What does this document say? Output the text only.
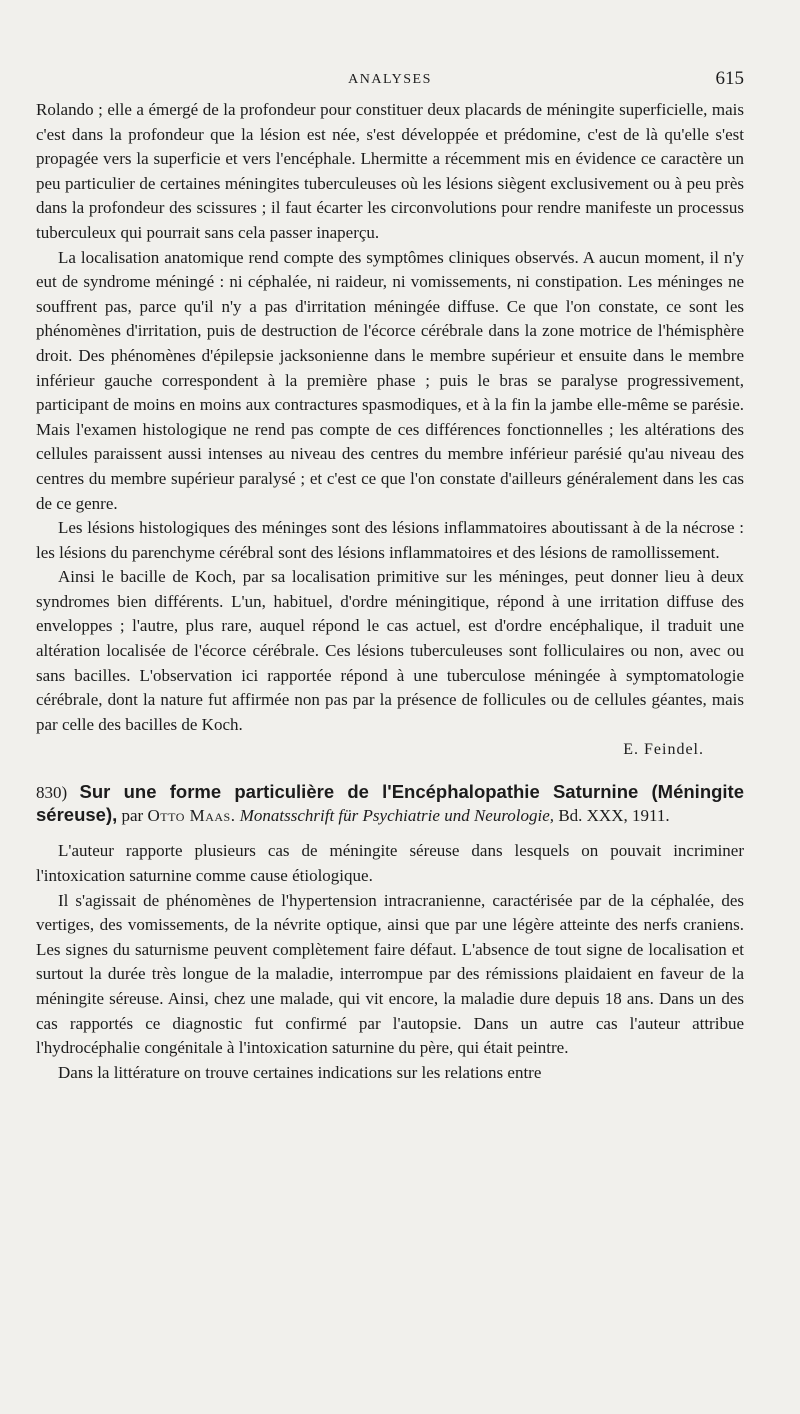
ANALYSES	615

Rolando ; elle a émergé de la profondeur pour constituer deux placards de méningite superficielle, mais c'est dans la profondeur que la lésion est née, s'est développée et prédomine, c'est de là qu'elle s'est propagée vers la superficie et vers l'encéphale. Lhermitte a récemment mis en évidence ce caractère un peu particulier de certaines méningites tuberculeuses où les lésions siègent exclusivement ou à peu près dans la profondeur des scissures ; il faut écarter les circonvolutions pour rendre manifeste un processus tuberculeux qui pourrait sans cela passer inaperçu.

La localisation anatomique rend compte des symptômes cliniques observés. A aucun moment, il n'y eut de syndrome méningé : ni céphalée, ni raideur, ni vomissements, ni constipation. Les méninges ne souffrent pas, parce qu'il n'y a pas d'irritation méningée diffuse. Ce que l'on constate, ce sont les phénomènes d'irritation, puis de destruction de l'écorce cérébrale dans la zone motrice de l'hémisphère droit. Des phénomènes d'épilepsie jacksonienne dans le membre supérieur et ensuite dans le membre inférieur gauche correspondent à la première phase ; puis le bras se paralyse progressivement, participant de moins en moins aux contractures spasmodiques, et à la fin la jambe elle-même se parésie. Mais l'examen histologique ne rend pas compte de ces différences fonctionnelles ; les altérations des cellules paraissent aussi intenses au niveau des centres du membre inférieur parésié qu'au niveau des centres du membre supérieur paralysé ; et c'est ce que l'on constate d'ailleurs généralement dans les cas de ce genre.

Les lésions histologiques des méninges sont des lésions inflammatoires aboutissant à de la nécrose : les lésions du parenchyme cérébral sont des lésions inflammatoires et des lésions de ramollissement.

Ainsi le bacille de Koch, par sa localisation primitive sur les méninges, peut donner lieu à deux syndromes bien différents. L'un, habituel, d'ordre méningitique, répond à une irritation diffuse des enveloppes ; l'autre, plus rare, auquel répond le cas actuel, est d'ordre encéphalique, il traduit une altération localisée de l'écorce cérébrale. Ces lésions tuberculeuses sont folliculaires ou non, avec ou sans bacilles. L'observation ici rapportée répond à une tuberculose méningée à symptomatologie cérébrale, dont la nature fut affirmée non pas par la présence de follicules ou de cellules géantes, mais par celle des bacilles de Koch.

E. Feindel.
830) Sur une forme particulière de l'Encéphalopathie Saturnine (Méningite séreuse), par Otto Maas. Monatsschrift für Psychiatrie und Neurologie, Bd. XXX, 1911.

L'auteur rapporte plusieurs cas de méningite séreuse dans lesquels on pouvait incriminer l'intoxication saturnine comme cause étiologique.

Il s'agissait de phénomènes de l'hypertension intracranienne, caractérisée par de la céphalée, des vertiges, des vomissements, de la névrite optique, ainsi que par une légère atteinte des nerfs craniens. Les signes du saturnisme peuvent complètement faire défaut. L'absence de tout signe de localisation et surtout la durée très longue de la maladie, interrompue par des rémissions plaidaient en faveur de la méningite séreuse. Ainsi, chez une malade, qui vit encore, la maladie dure depuis 18 ans. Dans un des cas rapportés ce diagnostic fut confirmé par l'autopsie. Dans un autre cas l'auteur attribue l'hydrocéphalie congénitale à l'intoxication saturnine du père, qui était peintre.

Dans la littérature on trouve certaines indications sur les relations entre
